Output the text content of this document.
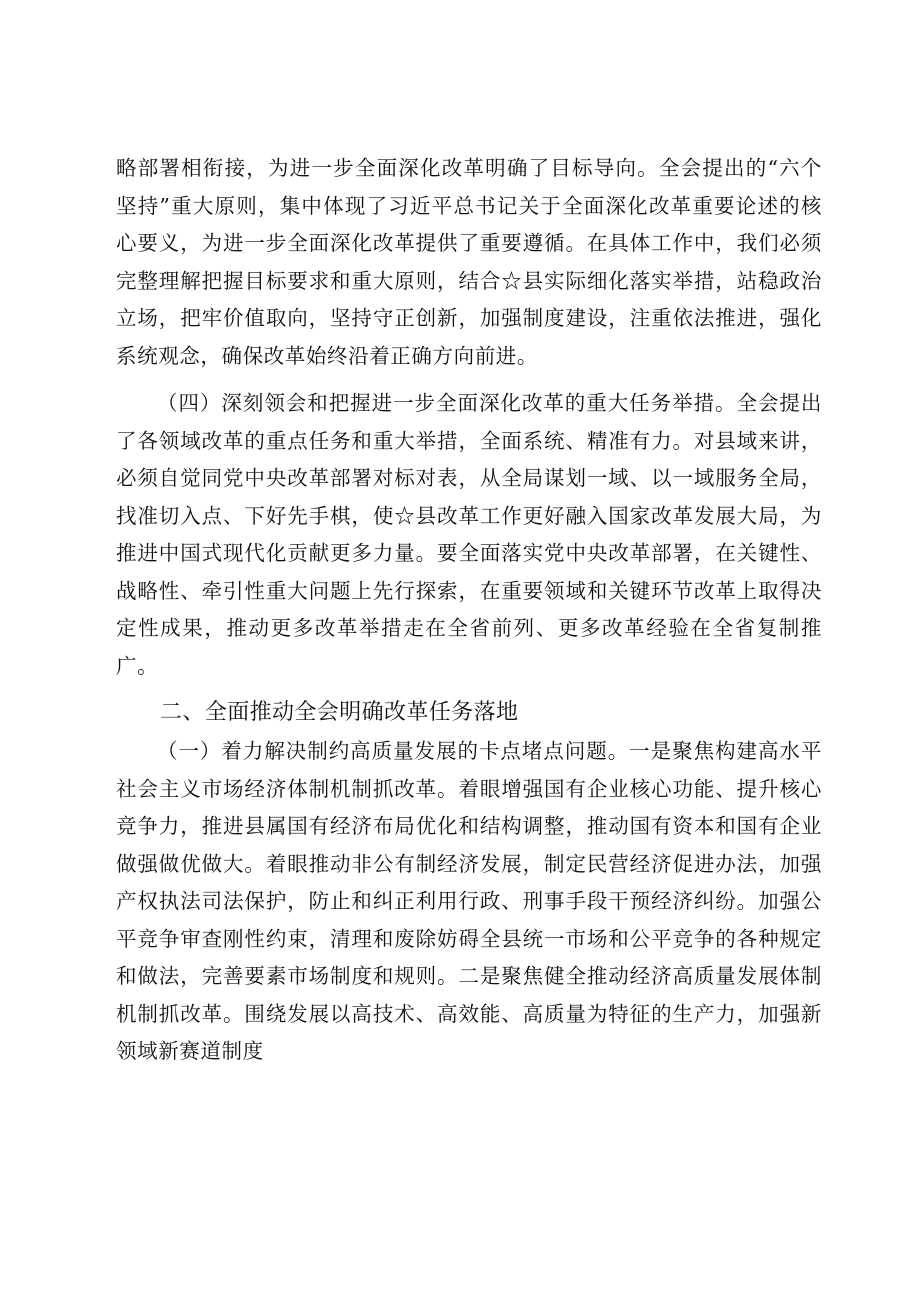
略部署相衔接，为进一步全面深化改革明确了目标导向。全会提出的“六个坚持”重大原则，集中体现了习近平总书记关于全面深化改革重要论述的核心要义，为进一步全面深化改革提供了重要遵循。在具体工作中，我们必须完整理解把握目标要求和重大原则，结合☆县实际细化落实举措，站稳政治立场，把牢价值取向，坚持守正创新，加强制度建设，注重依法推进，强化系统观念，确保改革始终沿着正确方向前进。

（四）深刻领会和把握进一步全面深化改革的重大任务举措。全会提出了各领域改革的重点任务和重大举措，全面系统、精准有力。对县域来讲，必须自觉同党中央改革部署对标对表，从全局谋划一域、以一域服务全局，找准切入点、下好先手棋，使☆县改革工作更好融入国家改革发展大局，为推进中国式现代化贡献更多力量。要全面落实党中央改革部署，在关键性、战略性、牵引性重大问题上先行探索，在重要领域和关键环节改革上取得决定性成果，推动更多改革举措走在全省前列、更多改革经验在全省复制推广。

二、全面推动全会明确改革任务落地

（一）着力解决制约高质量发展的卡点堵点问题。一是聚焦构建高水平社会主义市场经济体制机制抓改革。着眼增强国有企业核心功能、提升核心竞争力，推进县属国有经济布局优化和结构调整，推动国有资本和国有企业做强做优做大。着眼推动非公有制经济发展，制定民营经济促进办法，加强产权执法司法保护，防止和纠正利用行政、刑事手段干预经济纠纷。加强公平竞争审查刚性约束，清理和废除妨碍全县统一市场和公平竞争的各种规定和做法，完善要素市场制度和规则。二是聚焦健全推动经济高质量发展体制机制抓改革。围绕发展以高技术、高效能、高质量为特征的生产力，加强新领域新赛道制度
